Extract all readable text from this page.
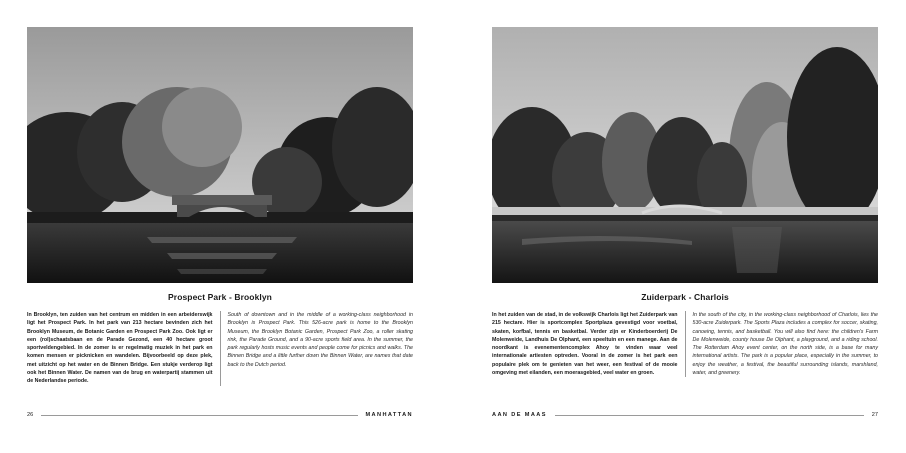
Prospect Park - Brooklyn
In Brooklyn, ten zuiden van het centrum en midden in een arbeiderswijk ligt het Prospect Park. In het park van 213 hectare bevinden zich het Brooklyn Museum, de Botanic Garden en Prospect Park Zoo. Ook ligt er een (rol)schaatsbaan en de Parade Gezond, een 40 hectare groot sportveldengebied. In de zomer is er regelmatig muziek in het park en komen mensen er picknicken en wandelen. Bijvoorbeeld op deze plek, met uitzicht op het water en de Binnen Bridge. Een stukje verderop ligt ook het Binnen Water. De namen van de brug en waterpartij stammen uit de Nederlandse periode.
South of downtown and in the middle of a working-class neighborhood in Brooklyn is Prospect Park. This 526-acre park is home to the Brooklyn Museum, the Brooklyn Botanic Garden, Prospect Park Zoo, a roller skating rink, the Parade Ground, and a 90-acre sports field area. In the summer, the park regularly hosts music events and people come for picnics and walks. The Binnen Bridge and a little further down the Binnen Water, are names that date back to the Dutch period.
26	MANHATTAN
Zuiderpark - Charlois
In het zuiden van de stad, in de volkswijk Charlois ligt het Zuiderpark van 215 hectare. Hier is sportcomplex Sportplaza gevestigd voor voetbal, skaten, korfbal, tennis en basketbal. Verder zijn er Kinderboerderij De Molenweide, Landhuis De Olphant, een speeltuin en een manege. Aan de noordkant is evenementencomplex Ahoy te vinden waar veel internationale artiesten optreden. Vooral in de zomer is het park een populaire plek om te genieten van het weer, een festival of de mooie omgeving met eilanden, een moerasgebied, veel water en groen.
In the south of the city, in the working-class neighborhood of Charlois, lies the 530-acre Zuiderpark. The Sports Plaza includes a complex for soccer, skating, canoeing, tennis, and basketball. You will also find here: the children's Farm De Molenweide, county house De Olphant, a playground, and a riding school. The Rotterdam Ahoy event center, on the north side, is a base for many international artists. The park is a popular place, especially in the summer, to enjoy the weather, a festival, the beautiful surrounding islands, marshland, water, and greenery.
AAN DE MAAS	27
